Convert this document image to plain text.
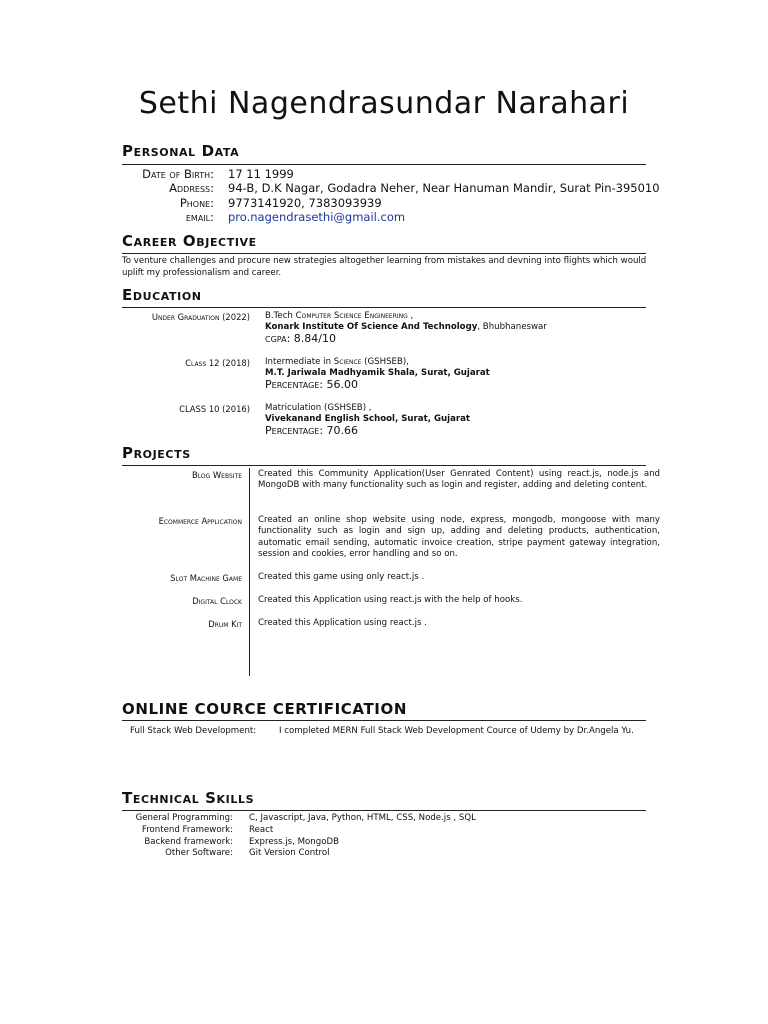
Sethi Nagendrasundar Narahari
Personal Data
Date of Birth: 17 11 1999
Address: 94-B, D.K Nagar, Godadra Neher, Near Hanuman Mandir, Surat Pin-395010
Phone: 9773141920, 7383093939
email: pro.nagendrasethi@gmail.com
Career Objective
To venture challenges and procure new strategies altogether learning from mistakes and devning into flights which would uplift my professionalism and career.
Education
Under Graduation (2022) B.Tech Computer Science Engineering ,
Konark Institute Of Science And Technology, Bhubhaneswar
cgpa: 8.84/10
Class 12 (2018) Intermediate in Science (GSHSEB),
M.T. Jariwala Madhyamik Shala, Surat, Gujarat
Percentage: 56.00
CLASS 10 (2016) Matriculation (GSHSEB) ,
Vivekanand English School, Surat, Gujarat
Percentage: 70.66
Projects
Blog Website Created this Community Application(User Genrated Content) using react.js, node.js and MongoDB with many functionality such as login and register, adding and deleting content.
Ecommerce Application Created an online shop website using node, express, mongodb, mongoose with many functionality such as login and sign up, adding and deleting products, authentication, automatic email sending, automatic invoice creation, stripe payment gateway integration, session and cookies, error handling and so on.
Slot Machine Game Created this game using only react.js .
Digital Clock Created this Application using react.js with the help of hooks.
Drum Kit Created this Application using react.js .
ONLINE COURCE CERTIFICATION
Full Stack Web Development:	I completed MERN Full Stack Web Development Cource of Udemy by Dr.Angela Yu.
Technical Skills
General Programming: C, Javascript, Java, Python, HTML, CSS, Node.js , SQL
Frontend Framework: React
Backend framework: Express.js, MongoDB
Other Software: Git Version Control
